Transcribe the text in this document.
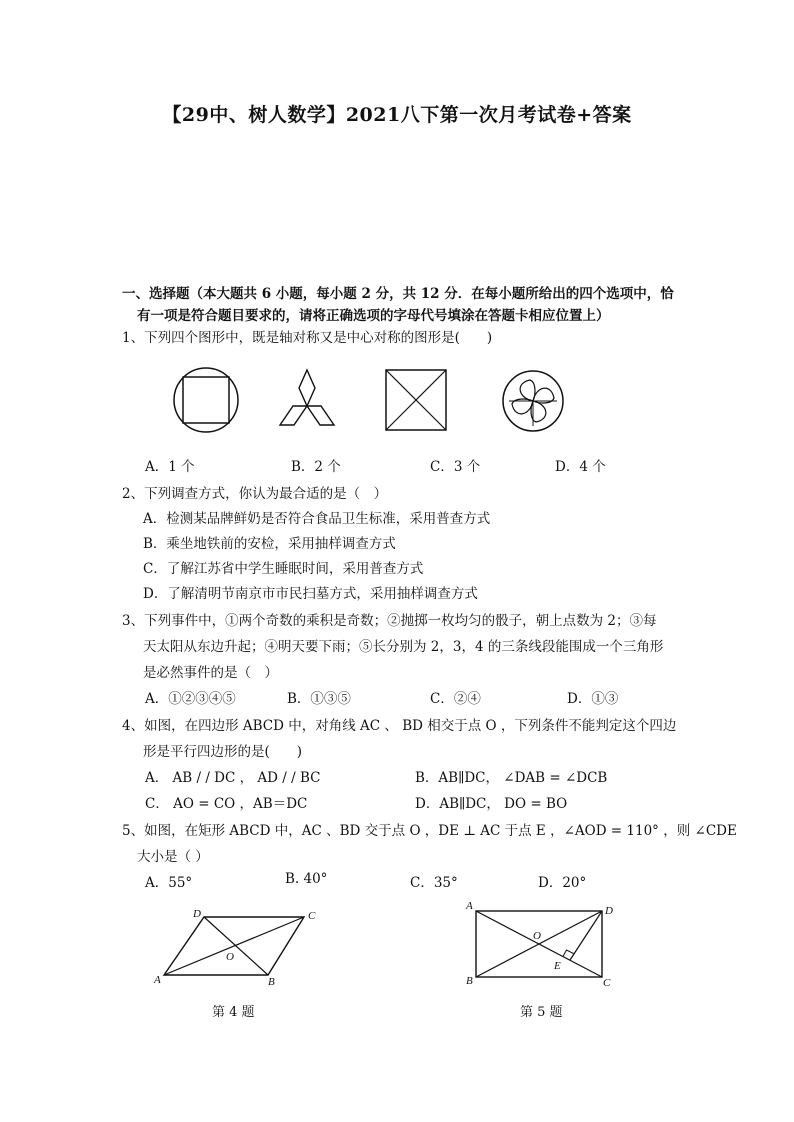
【29中、树人数学】2021八下第一次月考试卷+答案
一、选择题（本大题共 6 小题，每小题 2 分，共 12 分．在每小题所给出的四个选项中，恰
有一项是符合题目要求的，请将正确选项的字母代号填涂在答题卡相应位置上）
1、下列四个图形中，既是轴对称又是中心对称的图形是(　　)
A．1 个	B．2 个	C．3 个	D．4 个
2、下列调查方式，你认为最合适的是（　）
A．检测某品牌鲜奶是否符合食品卫生标准，采用普查方式
B．乘坐地铁前的安检，采用抽样调查方式
C．了解江苏省中学生睡眠时间，采用普查方式
D．了解清明节南京市市民扫墓方式，采用抽样调查方式
3、下列事件中，①两个奇数的乘积是奇数；②抛掷一枚均匀的骰子，朝上点数为 2；③每
天太阳从东边升起；④明天要下雨；⑤长分别为 2，3，4 的三条线段能围成一个三角形
是必然事件的是（　）
A．①②③④⑤	B．①③⑤	C．②④	D．①③
4、如图，在四边形 ABCD 中，对角线 AC 、 BD 相交于点 O ，下列条件不能判定这个四边
形是平行四边形的是(　　)
A． AB / / DC ， AD / / BC	B．AB∥DC， ∠DAB = ∠DCB
C． AO = CO ，AB＝DC	D．AB∥DC， DO = BO
5、如图，在矩形 ABCD 中，AC 、BD 交于点 O ，DE ⊥ AC 于点 E ，∠AOD = 110° ，则 ∠CDE
大小是（ ）
A．55°	B. 40°	C．35°	D．20°
D	C
O
A	B
A	D
O
E
B	C
第 4 题	第 5 题
